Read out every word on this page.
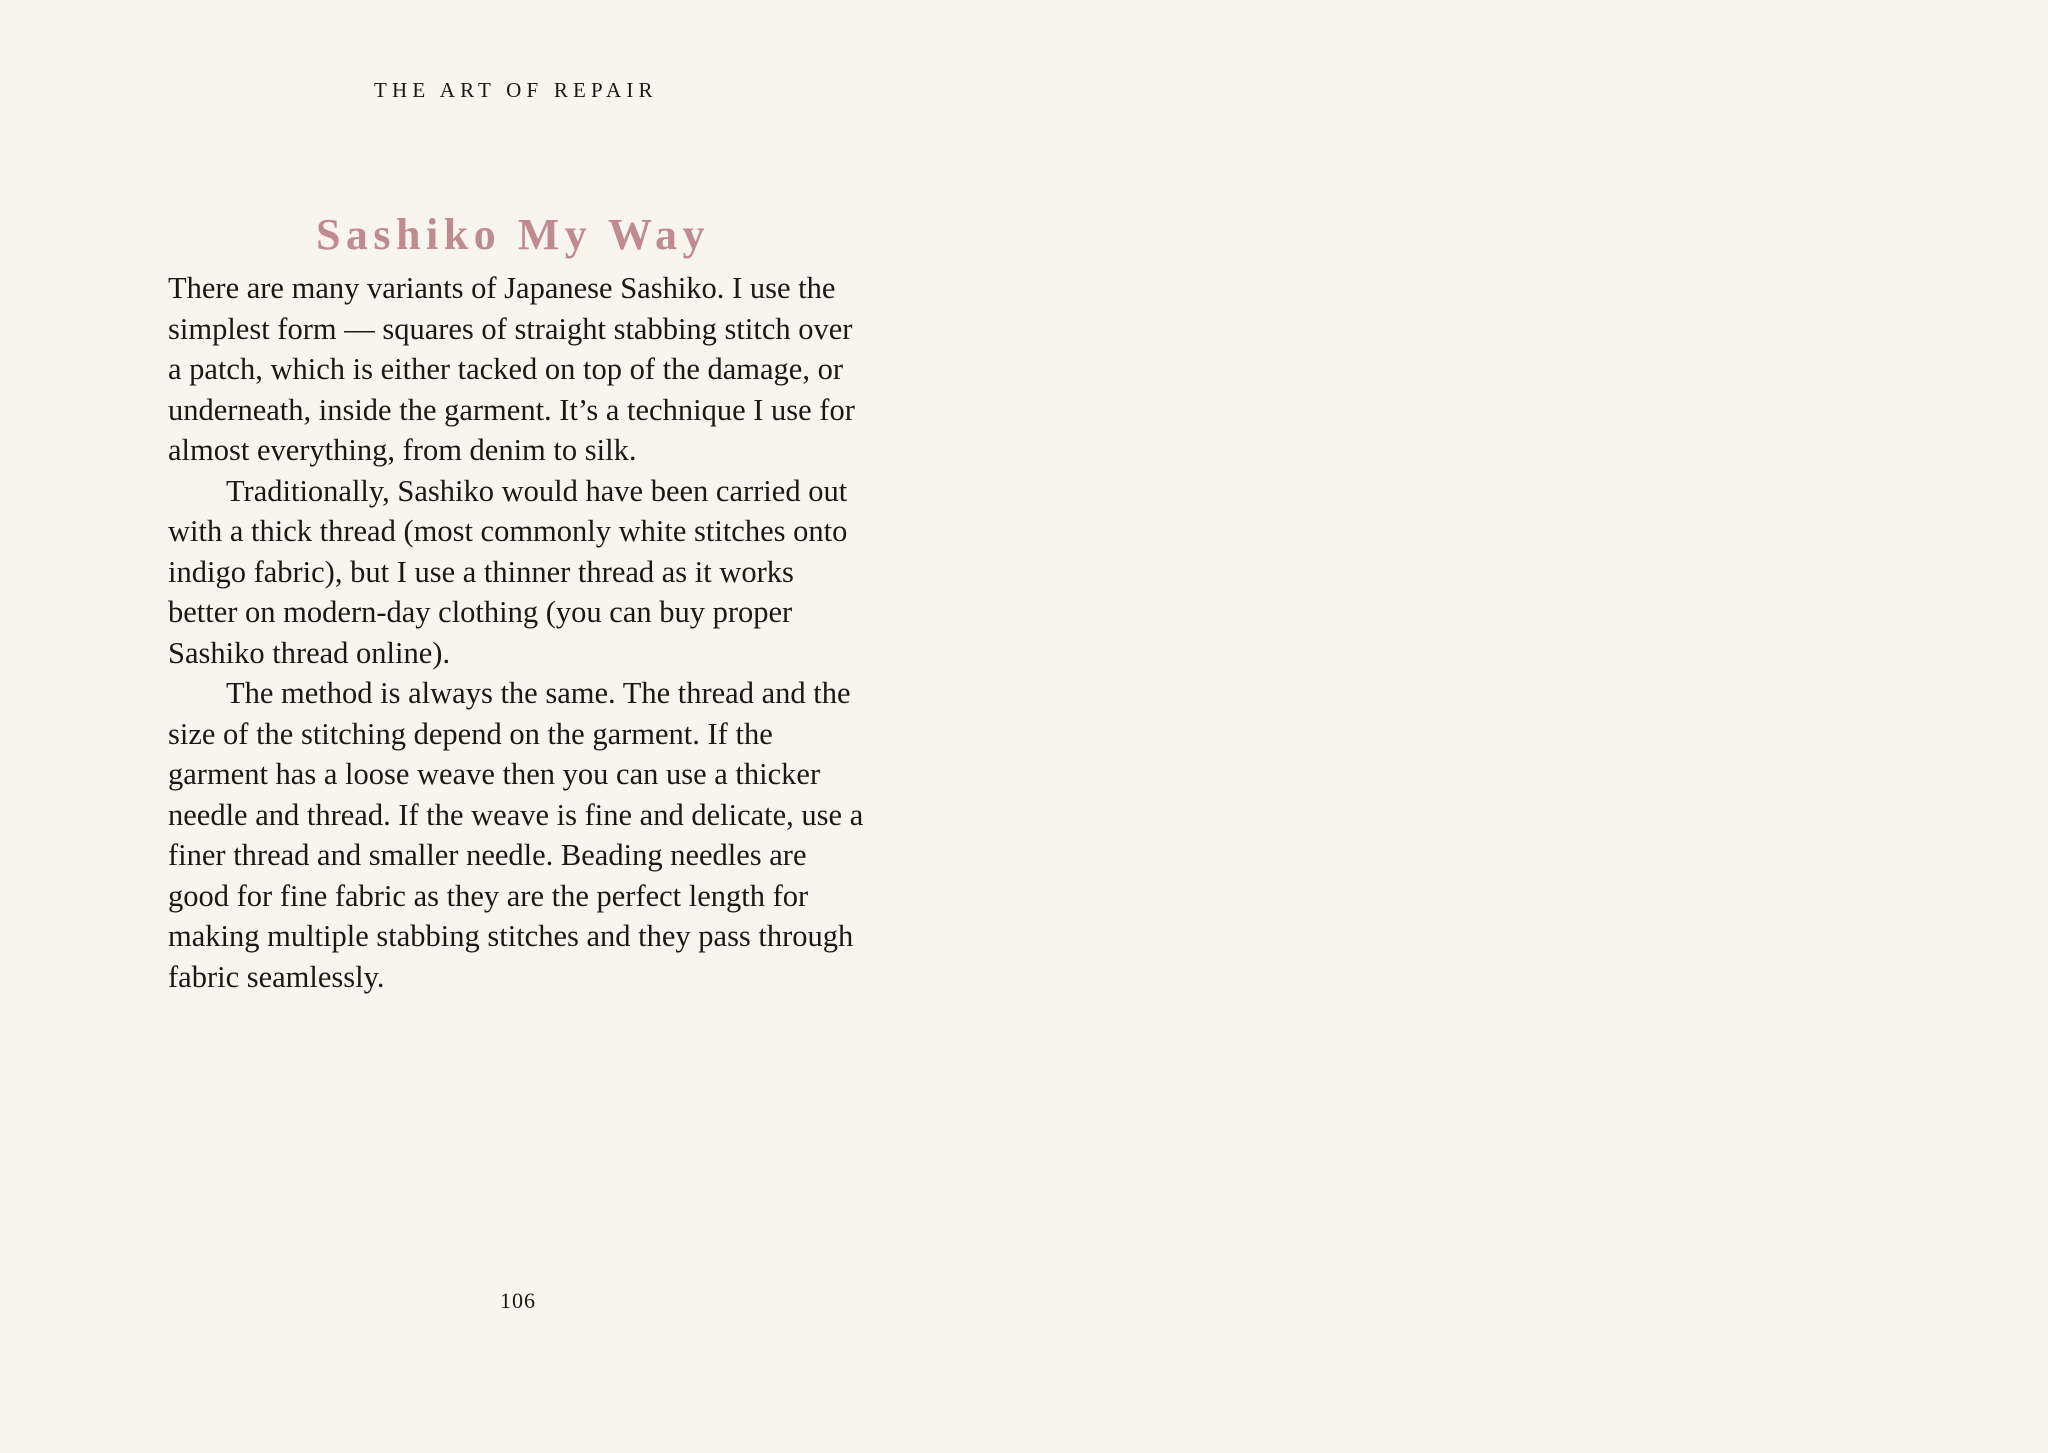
THE ART OF REPAIR
Sashiko My Way

There are many variants of Japanese Sashiko. I use the simplest form — squares of straight stabbing stitch over a patch, which is either tacked on top of the damage, or underneath, inside the garment. It’s a technique I use for almost everything, from denim to silk.

Traditionally, Sashiko would have been carried out with a thick thread (most commonly white stitches onto indigo fabric), but I use a thinner thread as it works better on modern-day clothing (you can buy proper Sashiko thread online).

The method is always the same. The thread and the size of the stitching depend on the garment. If the garment has a loose weave then you can use a thicker needle and thread. If the weave is fine and delicate, use a finer thread and smaller needle. Beading needles are good for fine fabric as they are the perfect length for making multiple stabbing stitches and they pass through fabric seamlessly.

106
